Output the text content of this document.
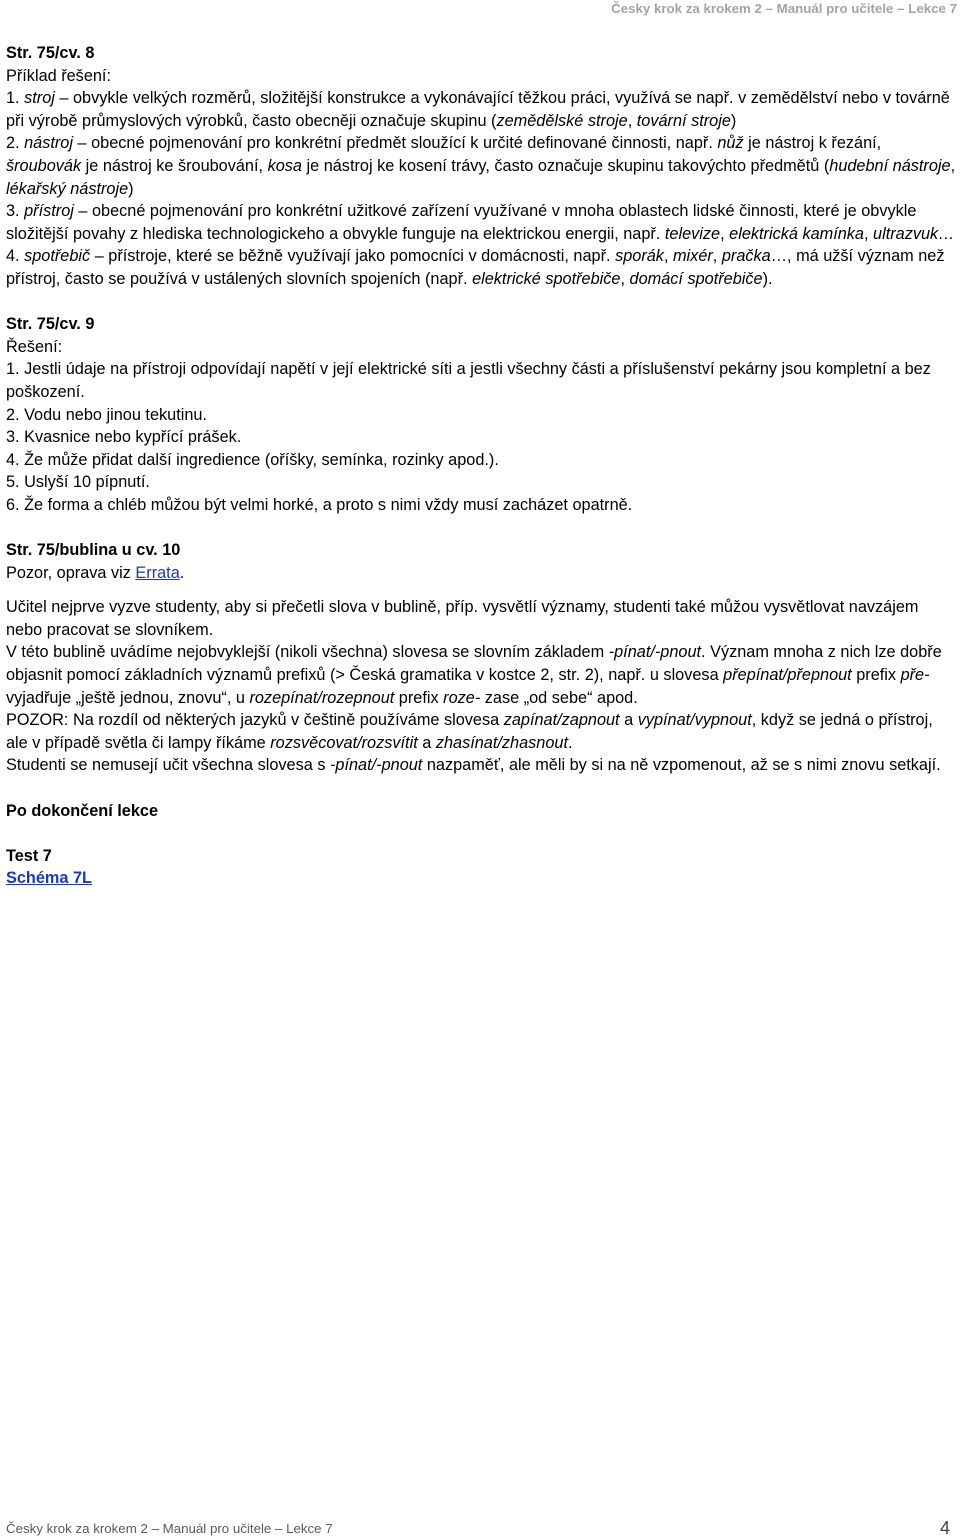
Česky krok za krokem 2 – Manuál pro učitele – Lekce 7

Str. 75/cv. 8

Příklad řešení:

1. stroj – obvykle velkých rozměrů, složitější konstrukce a vykonávající těžkou práci, využívá se např. v zemědělství nebo v továrně při výrobě průmyslových výrobků, často obecněji označuje skupinu (zemědělské stroje, tovární stroje)

2. nástroj – obecné pojmenování pro konkrétní předmět sloužící k určité definované činnosti, např. nůž je nástroj k řezání, šroubovák je nástroj ke šroubování, kosa je nástroj ke kosení trávy, často označuje skupinu takovýchto předmětů (hudební nástroje, lékařský nástroje)

3. přístroj – obecné pojmenování pro konkrétní užitkové zařízení využívané v mnoha oblastech lidské činnosti, které je obvykle složitější povahy z hlediska technologickeho a obvykle funguje na elektrickou energii, např. televize, elektrická kamínka, ultrazvuk…

4. spotřebič – přístroje, které se běžně využívají jako pomocníci v domácnosti, např. sporák, mixér, pračka…, má užší význam než přístroj, často se používá v ustálených slovních spojeních (např. elektrické spotřebiče, domácí spotřebiče).

Str. 75/cv. 9

Řešení:

1. Jestli údaje na přístroji odpovídají napětí v její elektrické síti a jestli všechny části a příslušenství pekárny jsou kompletní a bez poškození.

2. Vodu nebo jinou tekutinu.

3. Kvasnice nebo kypřící prášek.

4. Že může přidat další ingredience (oříšky, semínka, rozinky apod.).

5. Uslyší 10 pípnutí.

6. Že forma a chléb můžou být velmi horké, a proto s nimi vždy musí zacházet opatrně.

Str. 75/bublina u cv. 10

Pozor, oprava viz Errata.

Učitel nejprve vyzve studenty, aby si přečetli slova v bublině, příp. vysvětlí významy, studenti také můžou vysvětlovat navzájem nebo pracovat se slovníkem.

V této bublině uvádíme nejobvyklejší (nikoli všechna) slovesa se slovním základem -pínat/-pnout. Význam mnoha z nich lze dobře objasnit pomocí základních významů prefixů (> Česká gramatika v kostce 2, str. 2), např. u slovesa přepínat/přepnout prefix pře- vyjadřuje „ještě jednou, znovu“, u rozepínat/rozepnout prefix roze- zase „od sebe“ apod.

POZOR: Na rozdíl od některých jazyků v češtině používáme slovesa zapínat/zapnout a vypínat/vypnout, když se jedná o přístroj, ale v případě světla či lampy říkáme rozsvěcovat/rozsvítit a zhasínat/zhasnout.

Studenti se nemusejí učit všechna slovesa s -pínat/-pnout nazpaměť, ale měli by si na ně vzpomenout, až se s nimi znovu setkají.

Po dokončení lekce

Test 7

Schéma 7L

Česky krok za krokem 2 – Manuál pro učitele – Lekce 7	4
